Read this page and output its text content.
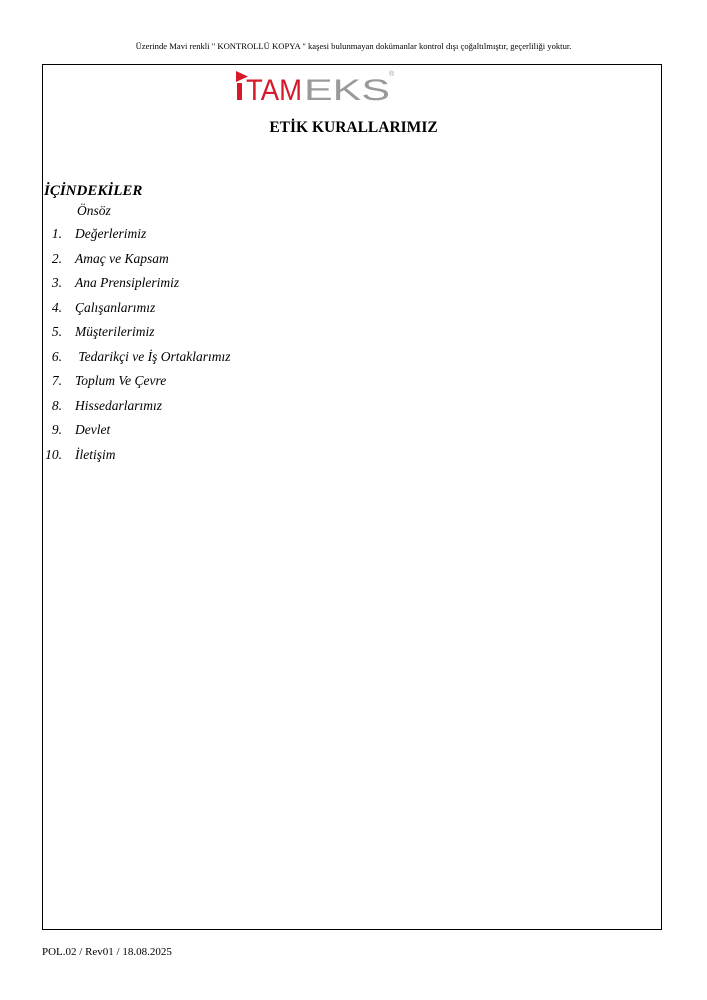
Üzerinde Mavi renkli " KONTROLLÜ KOPYA " kaşesi bulunmayan dokümanlar kontrol dışı çoğaltılmıştır, geçerliliği yoktur.
TAM EKS ®
ETİK KURALLARIMIZ
İÇİNDEKİLER
Önsöz
1. Değerlerimiz
2. Amaç ve Kapsam
3. Ana Prensiplerimiz
4. Çalışanlarımız
5. Müşterilerimiz
6. Tedarikçi ve İş Ortaklarımız
7. Toplum Ve Çevre
8. Hissedarlarımız
9. Devlet
10. İletişim
POL.02 / Rev01 / 18.08.2025
